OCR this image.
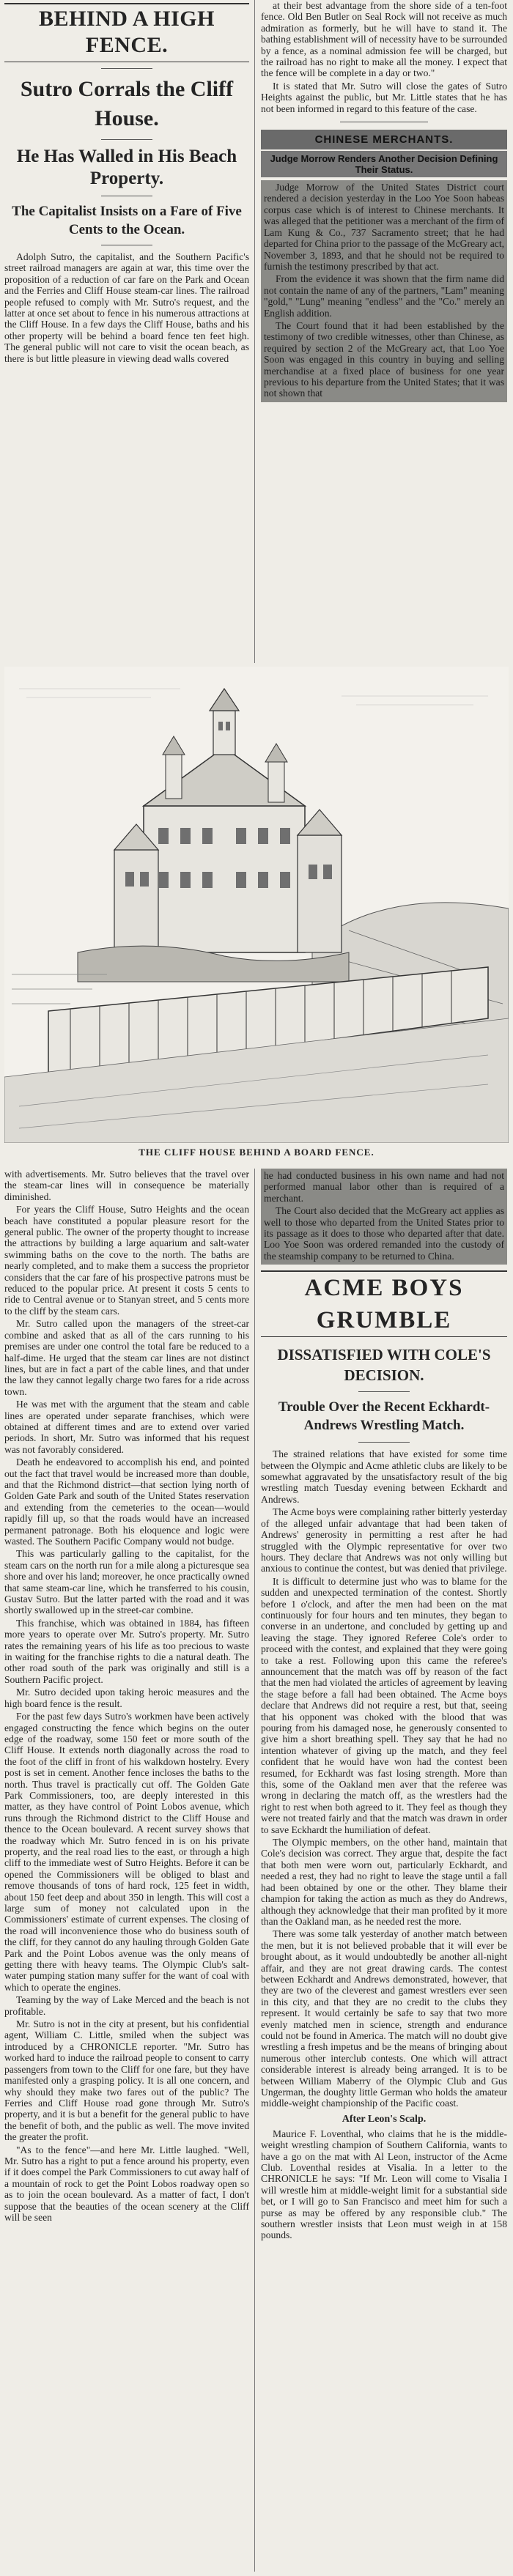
BEHIND A HIGH FENCE.
Sutro Corrals the Cliff House.
He Has Walled in His Beach Property.
The Capitalist Insists on a Fare of Five Cents to the Ocean.

Adolph Sutro, the capitalist, and the Southern Pacific's street railroad managers are again at war, this time over the proposition of a reduction of car fare on the Park and Ocean and the Ferries and Cliff House steam-car lines. The railroad people refused to comply with Mr. Sutro's request, and the latter at once set about to fence in his numerous attractions at the Cliff House. In a few days the Cliff House, baths and his other property will be behind a board fence ten feet high. The general public will not care to visit the ocean beach, as there is but little pleasure in viewing dead walls covered

at their best advantage from the shore side of a ten-foot fence. Old Ben Butler on Seal Rock will not receive as much admiration as formerly, but he will have to stand it. The bathing establishment will of necessity have to be surrounded by a fence, as a nominal admission fee will be charged, but the railroad has no right to make all the money. I expect that the fence will be complete in a day or two."

It is stated that Mr. Sutro will close the gates of Sutro Heights against the public, but Mr. Little states that he has not been informed in regard to this feature of the case.

CHINESE MERCHANTS.
Judge Morrow Renders Another Decision Defining Their Status.

Judge Morrow of the United States District court rendered a decision yesterday in the Loo Yoe Soon habeas corpus case which is of interest to Chinese merchants. It was alleged that the petitioner was a merchant of the firm of Lam Kung & Co., 737 Sacramento street; that he had departed for China prior to the passage of the McGreary act, November 3, 1893, and that he should not be required to furnish the testimony prescribed by that act.

From the evidence it was shown that the firm name did not contain the name of any of the partners, "Lam" meaning "gold," "Lung" meaning "endless" and the "Co." merely an English addition.

The Court found that it had been established by the testimony of two credible witnesses, other than Chinese, as required by section 2 of the McGreary act, that Loo Yoe Soon was engaged in this country in buying and selling merchandise at a fixed place of business for one year previous to his departure from the United States; that it was not shown that

THE CLIFF HOUSE BEHIND A BOARD FENCE.

with advertisements. Mr. Sutro believes that the travel over the steam-car lines will in consequence be materially diminished.

For years the Cliff House, Sutro Heights and the ocean beach have constituted a popular pleasure resort for the general public. The owner of the property thought to increase the attractions by building a large aquarium and salt-water swimming baths on the cove to the north. The baths are nearly completed, and to make them a success the proprietor considers that the car fare of his prospective patrons must be reduced to the popular price. At present it costs 5 cents to ride to Central avenue or to Stanyan street, and 5 cents more to the cliff by the steam cars.

Mr. Sutro called upon the managers of the street-car combine and asked that as all of the cars running to his premises are under one control the total fare be reduced to a half-dime. He urged that the steam car lines are not distinct lines, but are in fact a part of the cable lines, and that under the law they cannot legally charge two fares for a ride across town.

He was met with the argument that the steam and cable lines are operated under separate franchises, which were obtained at different times and are to extend over varied periods. In short, Mr. Sutro was informed that his request was not favorably considered.

Death he endeavored to accomplish his end, and pointed out the fact that travel would be increased more than double, and that the Richmond district—that section lying north of Golden Gate Park and south of the United States reservation and extending from the cemeteries to the ocean—would rapidly fill up, so that the roads would have an increased permanent patronage. Both his eloquence and logic were wasted. The Southern Pacific Company would not budge.

This was particularly galling to the capitalist, for the steam cars on the north run for a mile along a picturesque sea shore and over his land; moreover, he once practically owned that same steam-car line, which he transferred to his cousin, Gustav Sutro. But the latter parted with the road and it was shortly swallowed up in the street-car combine.

This franchise, which was obtained in 1884, has fifteen more years to operate over Mr. Sutro's property. Mr. Sutro rates the remaining years of his life as too precious to waste in waiting for the franchise rights to die a natural death. The other road south of the park was originally and still is a Southern Pacific project.

Mr. Sutro decided upon taking heroic measures and the high board fence is the result.

For the past few days Sutro's workmen have been actively engaged constructing the fence which begins on the outer edge of the roadway, some 150 feet or more south of the Cliff House. It extends north diagonally across the road to the foot of the cliff in front of his walkdown hostelry. Every post is set in cement. Another fence incloses the baths to the north. Thus travel is practically cut off. The Golden Gate Park Commissioners, too, are deeply interested in this matter, as they have control of Point Lobos avenue, which runs through the Richmond district to the Cliff House and thence to the Ocean boulevard. A recent survey shows that the roadway which Mr. Sutro fenced in is on his private property, and the real road lies to the east, or through a high cliff to the immediate west of Sutro Heights. Before it can be opened the Commissioners will be obliged to blast and remove thousands of tons of hard rock, 125 feet in width, about 150 feet deep and about 350 in length. This will cost a large sum of money not calculated upon in the Commissioners' estimate of current expenses. The closing of the road will inconvenience those who do business south of the cliff, for they cannot do any hauling through Golden Gate Park and the Point Lobos avenue was the only means of getting there with heavy teams. The Olympic Club's salt-water pumping station many suffer for the want of coal with which to operate the engines.

Teaming by the way of Lake Merced and the beach is not profitable.

Mr. Sutro is not in the city at present, but his confidential agent, William C. Little, smiled when the subject was introduced by a CHRONICLE reporter. "Mr. Sutro has worked hard to induce the railroad people to consent to carry passengers from town to the Cliff for one fare, but they have manifested only a grasping policy. It is all one concern, and why should they make two fares out of the public? The Ferries and Cliff House road gone through Mr. Sutro's property, and it is but a benefit for the general public to have the benefit of both, and the public as well. The move invited the greater the profit.

"As to the fence"—and here Mr. Little laughed. "Well, Mr. Sutro has a right to put a fence around his property, even if it does compel the Park Commissioners to cut away half of a mountain of rock to get the Point Lobos roadway open so as to join the ocean boulevard. As a matter of fact, I don't suppose that the beauties of the ocean scenery at the Cliff will be seen

he had conducted business in his own name and had not performed manual labor other than is required of a merchant.

The Court also decided that the McGreary act applies as well to those who departed from the United States prior to its passage as it does to those who departed after that date. Loo Yoe Soon was ordered remanded into the custody of the steamship company to be returned to China.

ACME BOYS GRUMBLE
DISSATISFIED WITH COLE'S DECISION.
Trouble Over the Recent Eckhardt-Andrews Wrestling Match.

The strained relations that have existed for some time between the Olympic and Acme athletic clubs are likely to be somewhat aggravated by the unsatisfactory result of the big wrestling match Tuesday evening between Eckhardt and Andrews.

The Acme boys were complaining rather bitterly yesterday of the alleged unfair advantage that had been taken of Andrews' generosity in permitting a rest after he had struggled with the Olympic representative for over two hours. They declare that Andrews was not only willing but anxious to continue the contest, but was denied that privilege.

It is difficult to determine just who was to blame for the sudden and unexpected termination of the contest. Shortly before 1 o'clock, and after the men had been on the mat continuously for four hours and ten minutes, they began to converse in an undertone, and concluded by getting up and leaving the stage. They ignored Referee Cole's order to proceed with the contest, and explained that they were going to take a rest. Following upon this came the referee's announcement that the match was off by reason of the fact that the men had violated the articles of agreement by leaving the stage before a fall had been obtained. The Acme boys declare that Andrews did not require a rest, but that, seeing that his opponent was choked with the blood that was pouring from his damaged nose, he generously consented to give him a short breathing spell. They say that he had no intention whatever of giving up the match, and they feel confident that he would have won had the contest been resumed, for Eckhardt was fast losing strength. More than this, some of the Oakland men aver that the referee was wrong in declaring the match off, as the wrestlers had the right to rest when both agreed to it. They feel as though they were not treated fairly and that the match was drawn in order to save Eckhardt the humiliation of defeat.

The Olympic members, on the other hand, maintain that Cole's decision was correct. They argue that, despite the fact that both men were worn out, particularly Eckhardt, and needed a rest, they had no right to leave the stage until a fall had been obtained by one or the other. They blame their champion for taking the action as much as they do Andrews, although they acknowledge that their man profited by it more than the Oakland man, as he needed rest the more.

There was some talk yesterday of another match between the men, but it is not believed probable that it will ever be brought about, as it would undoubtedly be another all-night affair, and they are not great drawing cards. The contest between Eckhardt and Andrews demonstrated, however, that they are two of the cleverest and gamest wrestlers ever seen in this city, and that they are no credit to the clubs they represent. It would certainly be safe to say that two more evenly matched men in science, strength and endurance could not be found in America. The match will no doubt give wrestling a fresh impetus and be the means of bringing about numerous other interclub contests. One which will attract considerable interest is already being arranged. It is to be between William Maberry of the Olympic Club and Gus Ungerman, the doughty little German who holds the amateur middle-weight championship of the Pacific coast.

After Leon's Scalp.

Maurice F. Loventhal, who claims that he is the middle-weight wrestling champion of Southern California, wants to have a go on the mat with Al Leon, instructor of the Acme Club. Loventhal resides at Visalia. In a letter to the CHRONICLE he says: "If Mr. Leon will come to Visalia I will wrestle him at middle-weight limit for a substantial side bet, or I will go to San Francisco and meet him for such a purse as may be offered by any responsible club." The southern wrestler insists that Leon must weigh in at 158 pounds.
